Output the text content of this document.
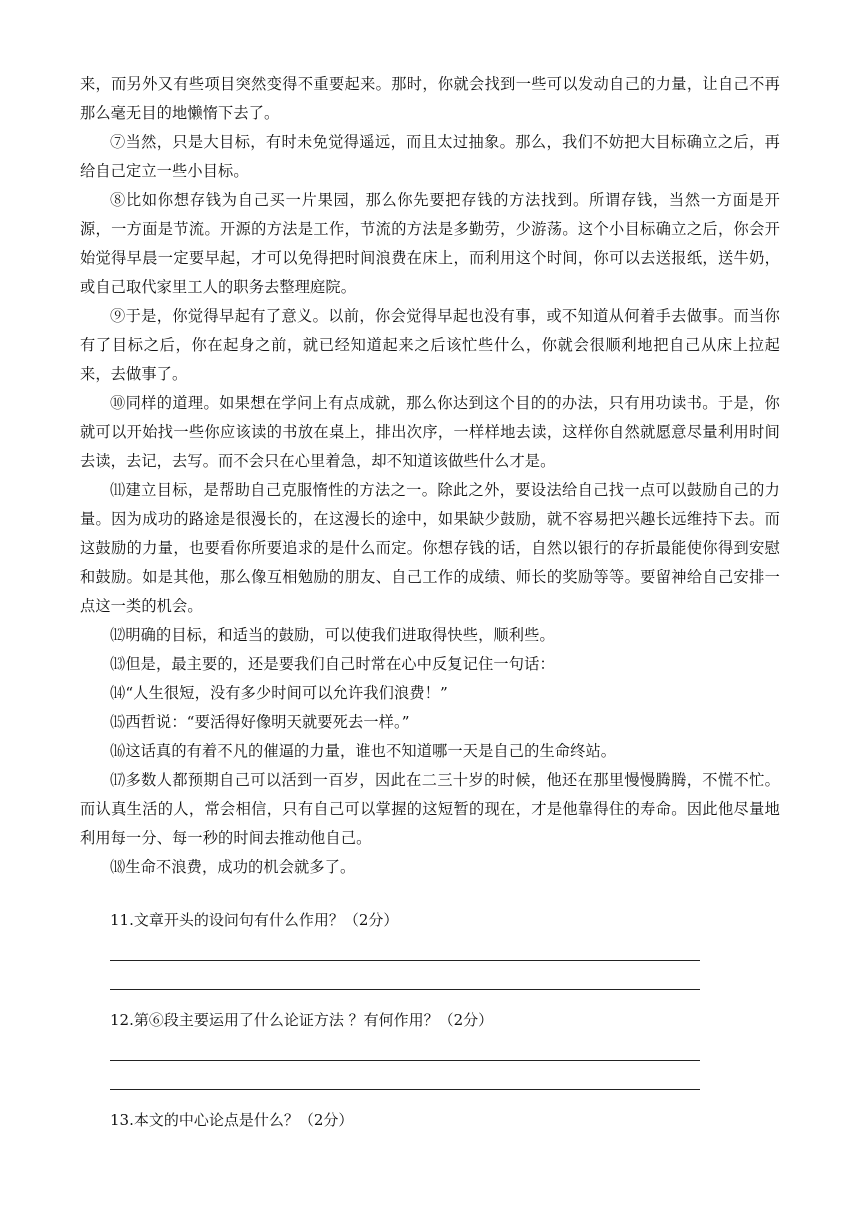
来，而另外又有些项目突然变得不重要起来。那时，你就会找到一些可以发动自己的力量，让自己不再那么毫无目的地懒惰下去了。

⑦当然，只是大目标，有时未免觉得遥远，而且太过抽象。那么，我们不妨把大目标确立之后，再给自己定立一些小目标。

⑧比如你想存钱为自己买一片果园，那么你先要把存钱的方法找到。所谓存钱，当然一方面是开源，一方面是节流。开源的方法是工作，节流的方法是多勤劳，少游荡。这个小目标确立之后，你会开始觉得早晨一定要早起，才可以免得把时间浪费在床上，而利用这个时间，你可以去送报纸，送牛奶，或自己取代家里工人的职务去整理庭院。

⑨于是，你觉得早起有了意义。以前，你会觉得早起也没有事，或不知道从何着手去做事。而当你有了目标之后，你在起身之前，就已经知道起来之后该忙些什么，你就会很顺利地把自己从床上拉起来，去做事了。

⑩同样的道理。如果想在学问上有点成就，那么你达到这个目的的办法，只有用功读书。于是，你就可以开始找一些你应该读的书放在桌上，排出次序，一样样地去读，这样你自然就愿意尽量利用时间去读，去记，去写。而不会只在心里着急，却不知道该做些什么才是。

⑾建立目标，是帮助自己克服惰性的方法之一。除此之外，要设法给自己找一点可以鼓励自己的力量。因为成功的路途是很漫长的，在这漫长的途中，如果缺少鼓励，就不容易把兴趣长远维持下去。而这鼓励的力量，也要看你所要追求的是什么而定。你想存钱的话，自然以银行的存折最能使你得到安慰和鼓励。如是其他，那么像互相勉励的朋友、自己工作的成绩、师长的奖励等等。要留神给自己安排一点这一类的机会。

⑿明确的目标，和适当的鼓励，可以使我们进取得快些，顺利些。

⒀但是，最主要的，还是要我们自己时常在心中反复记住一句话：

⒁“人生很短，没有多少时间可以允许我们浪费！”

⒂西哲说：“要活得好像明天就要死去一样。”

⒃这话真的有着不凡的催逼的力量，谁也不知道哪一天是自己的生命终站。

⒄多数人都预期自己可以活到一百岁，因此在二三十岁的时候，他还在那里慢慢腾腾，不慌不忙。而认真生活的人，常会相信，只有自己可以掌握的这短暂的现在，才是他靠得住的寿命。因此他尽量地利用每一分、每一秒的时间去推动他自己。

⒅生命不浪费，成功的机会就多了。

11.文章开头的设问句有什么作用？（2分）

12.第⑥段主要运用了什么论证方法 ？有何作用？（2分）

13.本文的中心论点是什么？（2分）
